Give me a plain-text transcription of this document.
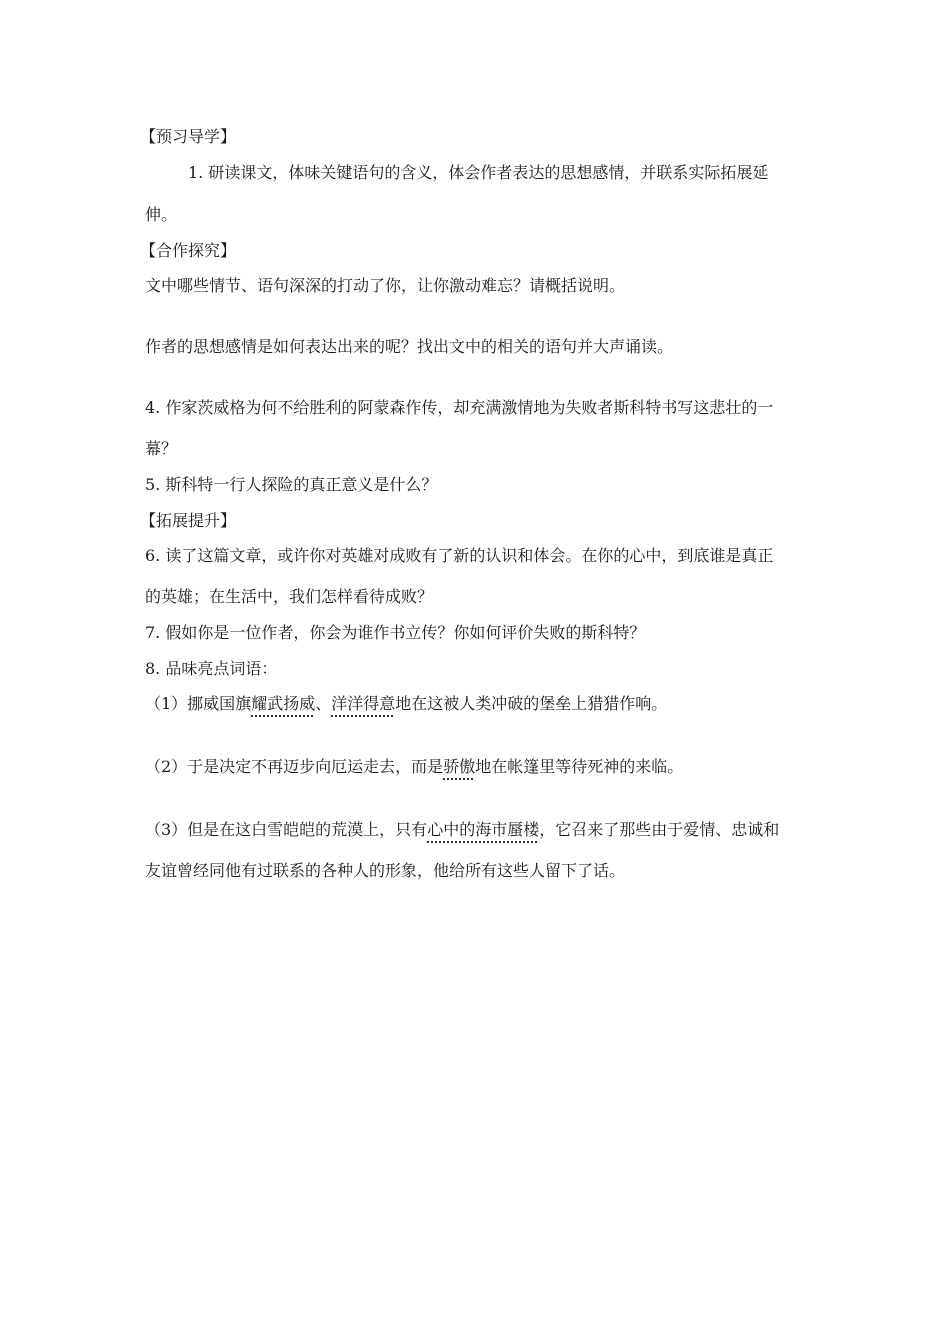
【预习导学】
1. 研读课文，体味关键语句的含义，体会作者表达的思想感情，并联系实际拓展延
伸。
【合作探究】
文中哪些情节、语句深深的打动了你，让你激动难忘？请概括说明。
作者的思想感情是如何表达出来的呢？找出文中的相关的语句并大声诵读。
4. 作家茨威格为何不给胜利的阿蒙森作传，却充满激情地为失败者斯科特书写这悲壮的一
幕？
5. 斯科特一行人探险的真正意义是什么？
【拓展提升】
6. 读了这篇文章，或许你对英雄对成败有了新的认识和体会。在你的心中，到底谁是真正
的英雄；在生活中，我们怎样看待成败？
7. 假如你是一位作者，你会为谁作书立传？你如何评价失败的斯科特？
8. 品味亮点词语：
（1）挪威国旗耀武扬威、洋洋得意地在这被人类冲破的堡垒上猎猎作响。
（2）于是决定不再迈步向厄运走去，而是骄傲地在帐篷里等待死神的来临。
（3）但是在这白雪皑皑的荒漠上，只有心中的海市蜃楼，它召来了那些由于爱情、忠诚和
友谊曾经同他有过联系的各种人的形象，他给所有这些人留下了话。
